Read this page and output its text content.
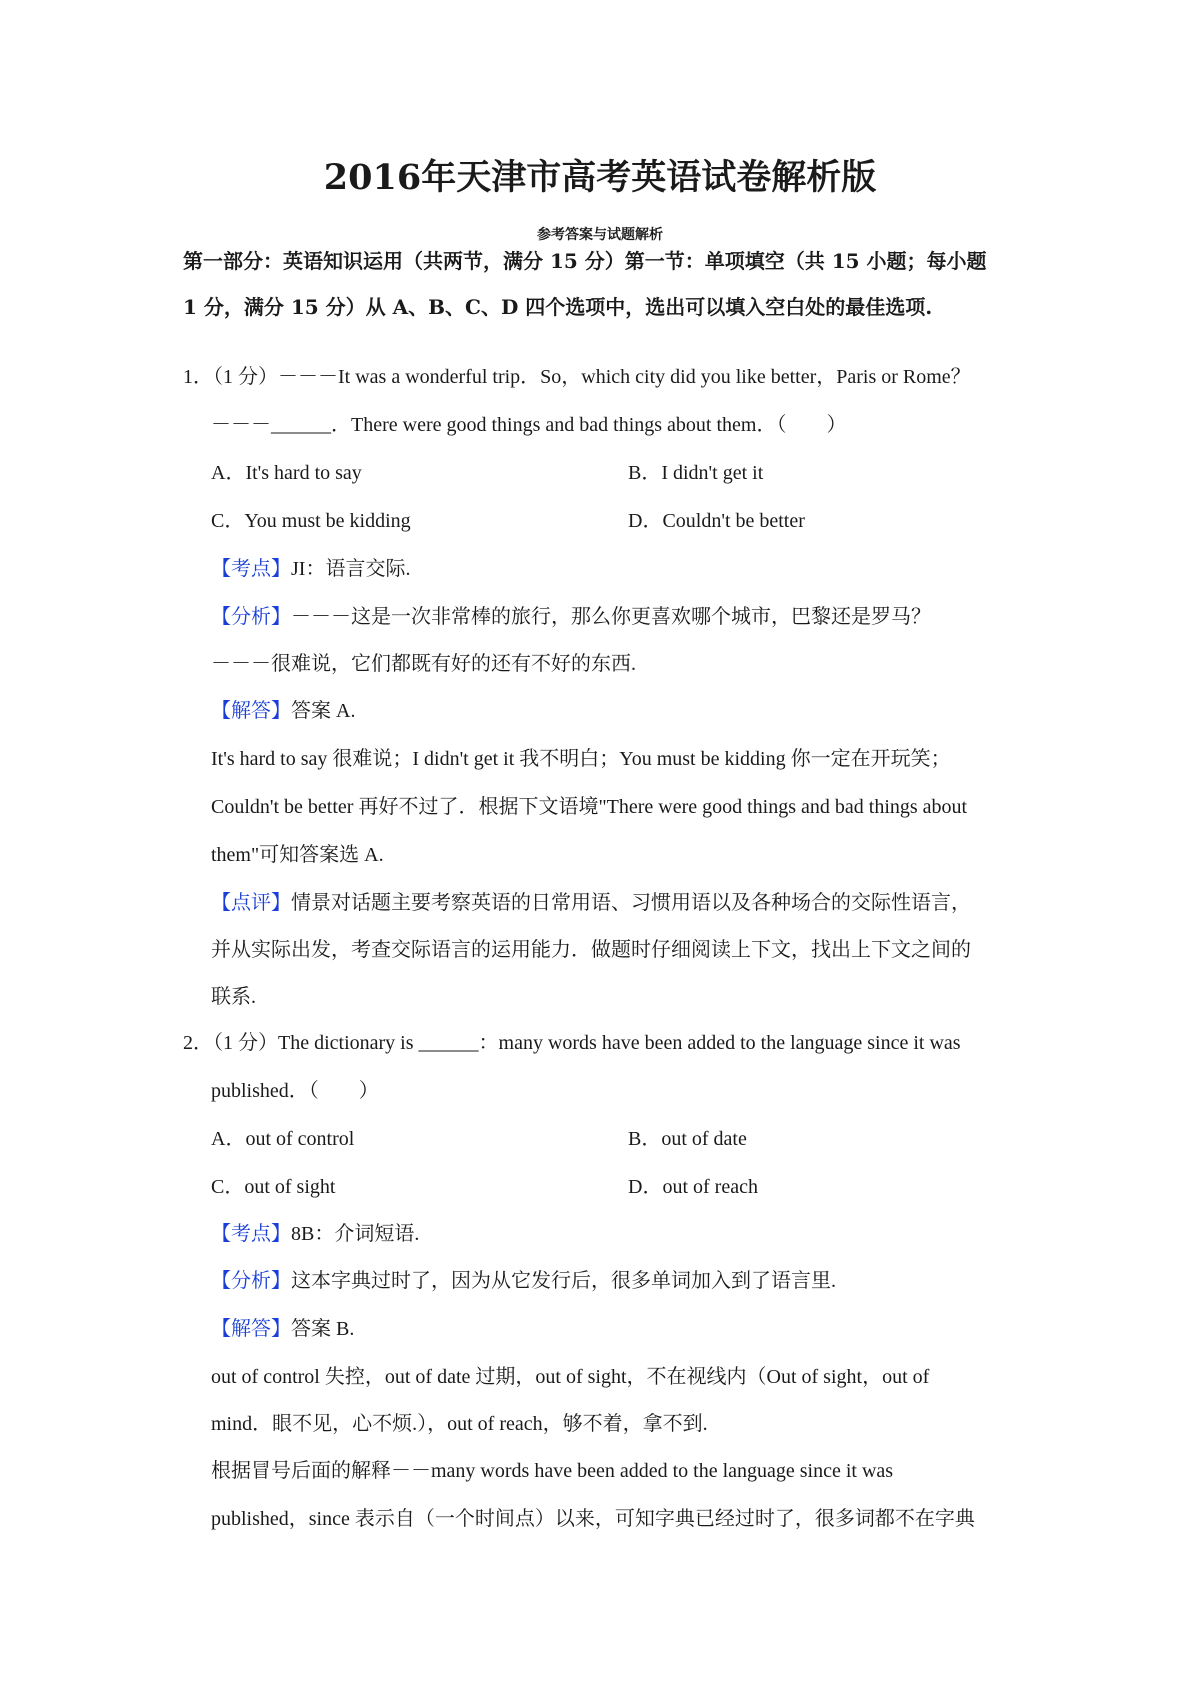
2016年天津市高考英语试卷解析版
参考答案与试题解析
第一部分：英语知识运用（共两节，满分 15 分）第一节：单项填空（共 15 小题；每小题
1 分，满分 15 分）从 A、B、C、D 四个选项中，选出可以填入空白处的最佳选项.
1．（1 分）－－－It was a wonderful trip．So，which city did you like better，Paris or Rome？
－－－______．There were good things and bad things about them．（　　）
A．It's hard to say	B．I didn't get it
C．You must be kidding	D．Couldn't be better
【考点】JI：语言交际.
【分析】－－－这是一次非常棒的旅行，那么你更喜欢哪个城市，巴黎还是罗马？
－－－很难说，它们都既有好的还有不好的东西.
【解答】答案 A.
It's hard to say 很难说；I didn't get it 我不明白；You must be kidding 你一定在开玩笑；
Couldn't be better 再好不过了．根据下文语境"There were good things and bad things about
them"可知答案选 A.
【点评】情景对话题主要考察英语的日常用语、习惯用语以及各种场合的交际性语言，
并从实际出发，考查交际语言的运用能力．做题时仔细阅读上下文，找出上下文之间的
联系.
2．（1 分）The dictionary is ______：many words have been added to the language since it was
published．（　　）
A．out of control	B．out of date
C．out of sight	D．out of reach
【考点】8B：介词短语.
【分析】这本字典过时了，因为从它发行后，很多单词加入到了语言里.
【解答】答案 B.
out of control 失控，out of date 过期，out of sight，不在视线内（Out of sight，out of
mind．眼不见，心不烦.），out of reach，够不着，拿不到.
根据冒号后面的解释－－many words have been added to the language since it was
published，since 表示自（一个时间点）以来，可知字典已经过时了，很多词都不在字典
